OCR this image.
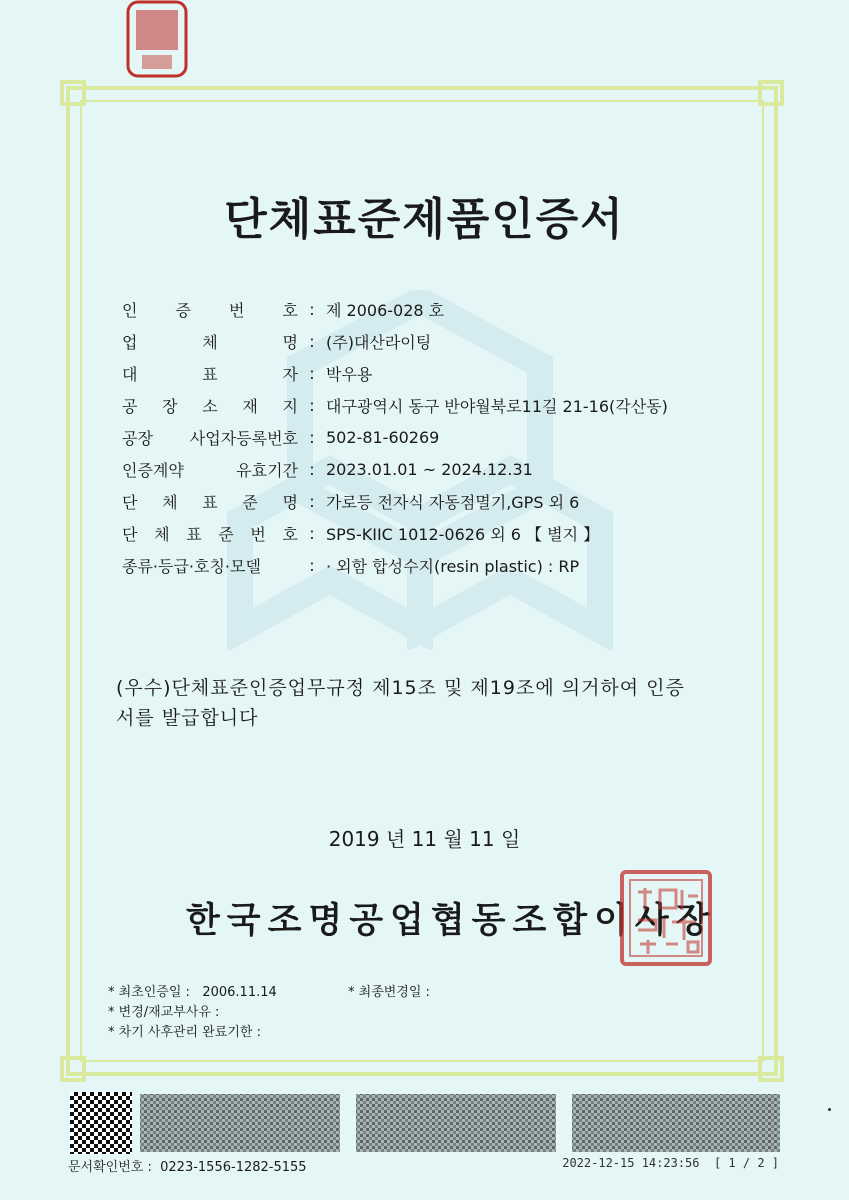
단체표준제품인증서
인 증 번 호 : 제 2006-028 호
업 체 명 : (주)대산라이팅
대 표 자 : 박우용
공 장 소 재 지 : 대구광역시 동구 반야월북로11길 21-16(각산동)
공장 사업자등록번호 : 502-81-60269
인증계약 유효기간 : 2023.01.01 ~ 2024.12.31
단 체 표 준 명 : 가로등 전자식 자동점멸기,GPS 외 6
단 체 표 준 번 호 : SPS-KIIC 1012-0626 외 6 【 별지 】
종류·등급·호칭·모델	: · 외함 합성수지(resin plastic) : RP
(우수)단체표준인증업무규정 제15조 및 제19조에 의거하여 인증
서를 발급합니다
2019 년 11 월 11 일
한국조명공업협동조합이사장
* 최초인증일 : 2006.11.14	* 최종변경일 :
* 변경/재교부사유 :
* 차기 사후관리 완료기한 :
문서확인번호 : 0223-1556-1282-5155	2022-12-15 14:23:56 [ 1 / 2 ]
